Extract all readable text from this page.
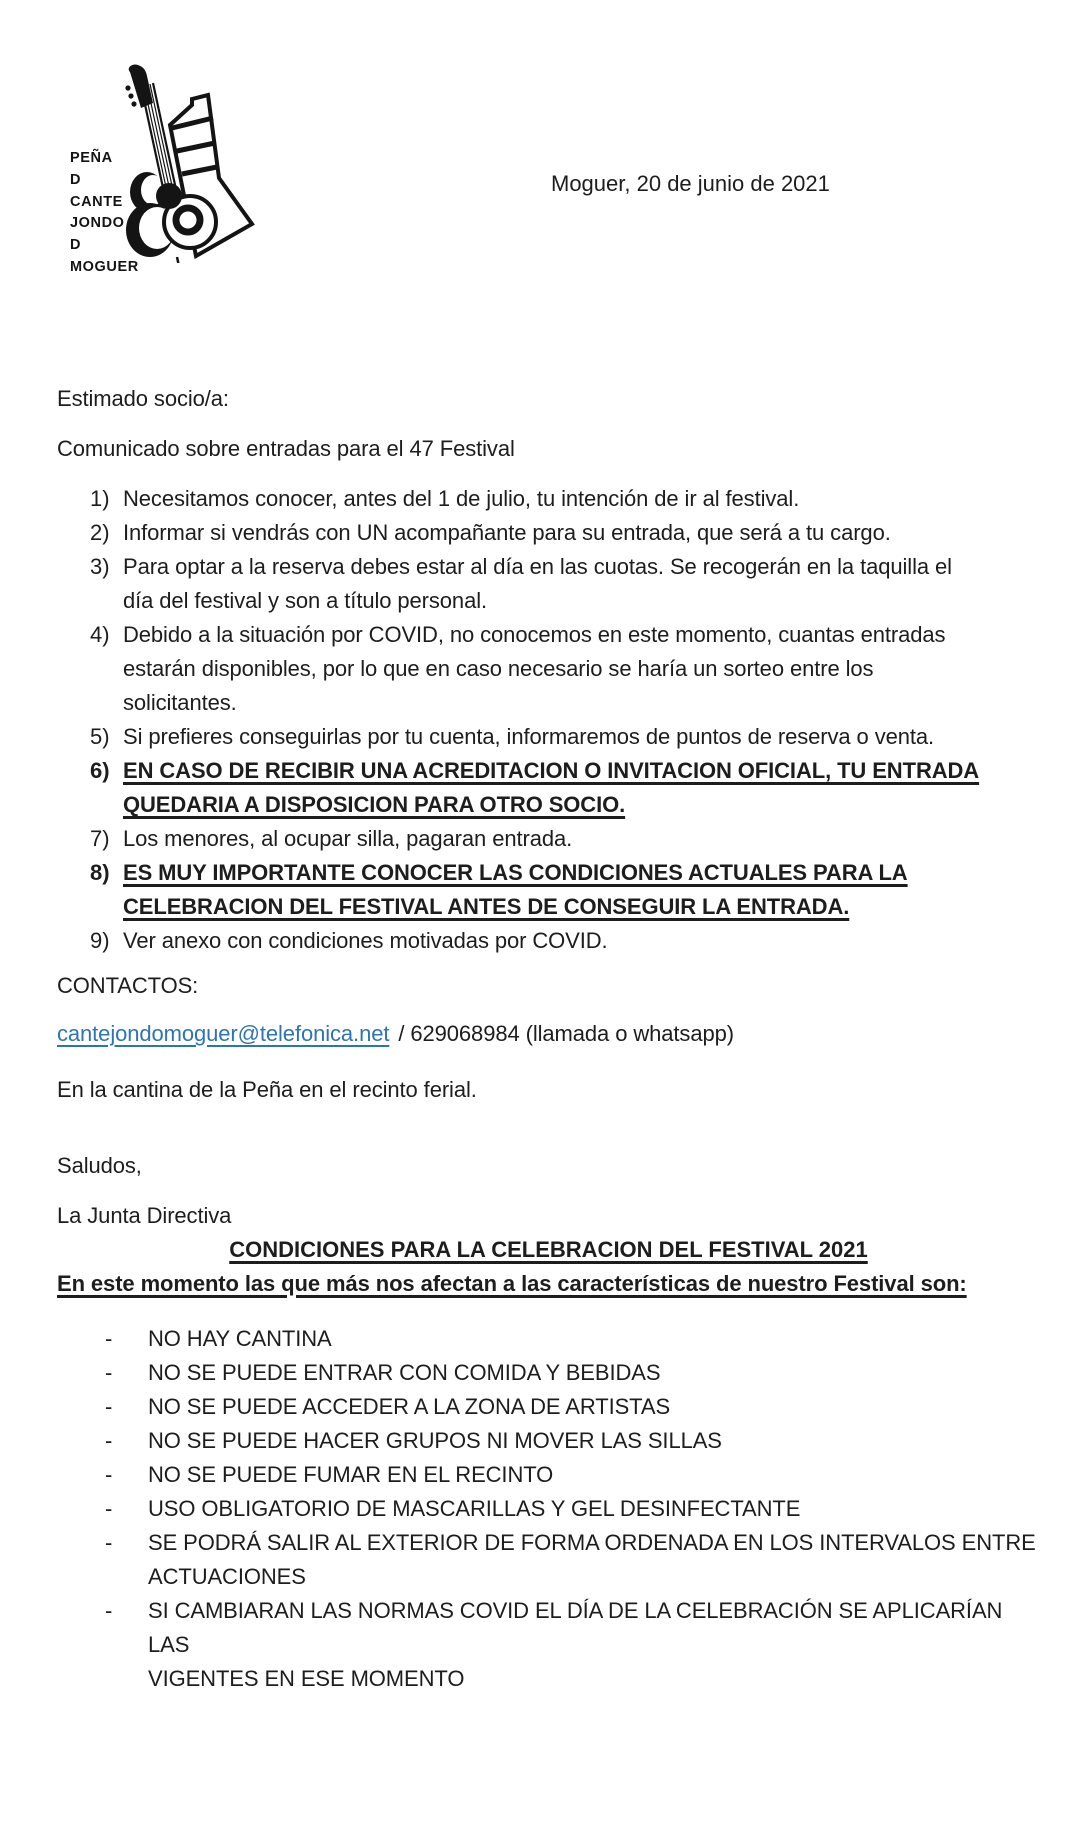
PEÑA
D
CANTE
JONDO
D
MOGUER

Moguer, 20 de junio de 2021

Estimado socio/a:

Comunicado sobre entradas para el 47 Festival

1) Necesitamos conocer, antes del 1 de julio, tu intención de ir al festival.
2) Informar si vendrás con UN acompañante para su entrada, que será a tu cargo.
3) Para optar a la reserva debes estar al día en las cuotas. Se recogerán en la taquilla el
día del festival y son a título personal.
4) Debido a la situación por COVID, no conocemos en este momento, cuantas entradas
estarán disponibles, por lo que en caso necesario se haría un sorteo entre los
solicitantes.
5) Si prefieres conseguirlas por tu cuenta, informaremos de puntos de reserva o venta.
6) EN CASO DE RECIBIR UNA ACREDITACION O INVITACION OFICIAL, TU ENTRADA
QUEDARIA A DISPOSICION PARA OTRO SOCIO.
7) Los menores, al ocupar silla, pagaran entrada.
8) ES MUY IMPORTANTE CONOCER LAS CONDICIONES ACTUALES PARA LA
CELEBRACION DEL FESTIVAL ANTES DE CONSEGUIR LA ENTRADA.
9) Ver anexo con condiciones motivadas por COVID.

CONTACTOS:

cantejondomoguer@telefonica.net / 629068984 (llamada o whatsapp)

En la cantina de la Peña en el recinto ferial.

Saludos,

La Junta Directiva

CONDICIONES PARA LA CELEBRACION DEL FESTIVAL 2021

En este momento las que más nos afectan a las características de nuestro Festival son:

-	NO HAY CANTINA
-	NO SE PUEDE ENTRAR CON COMIDA Y BEBIDAS
-	NO SE PUEDE ACCEDER A LA ZONA DE ARTISTAS
-	NO SE PUEDE HACER GRUPOS NI MOVER LAS SILLAS
-	NO SE PUEDE FUMAR EN EL RECINTO
-	USO OBLIGATORIO DE MASCARILLAS Y GEL DESINFECTANTE
-	SE PODRÁ SALIR AL EXTERIOR DE FORMA ORDENADA EN LOS INTERVALOS ENTRE
ACTUACIONES
-	SI CAMBIARAN LAS NORMAS COVID EL DÍA DE LA CELEBRACIÓN SE APLICARÍAN LAS
VIGENTES EN ESE MOMENTO
